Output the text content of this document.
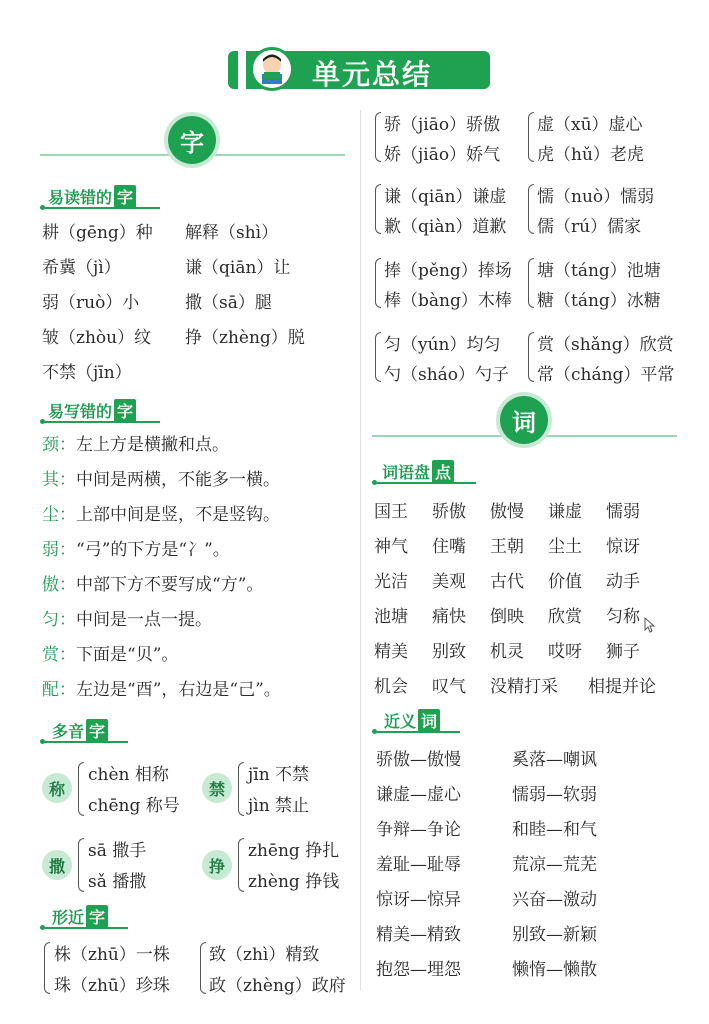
单元总结
字
易读错的 字
耕（gēng）种 解释（shì）
希冀（jì）	谦（qiān）让
弱（ruò）小	撒（sā）腿
皱（zhòu）纹 挣（zhèng）脱
不禁（jīn）
易写错的 字
颈：左上方是横撇和点。
其：中间是两横，不能多一横。
尘：上部中间是竖，不是竖钩。
弱：“弓”的下方是“冫”。
傲：中部下方不要写成“方”。
匀：中间是一点一提。
赏：下面是“贝”。
配：左边是“酉”，右边是“己”。
多音 字
称
chèn 相称
chēng 称号
禁
jīn 不禁
jìn 禁止
撒
sā 撒手
sǎ 播撒
挣
zhēng 挣扎
zhèng 挣钱
形近 字
株（zhū）一株
珠（zhū）珍珠
致（zhì）精致
政（zhèng）政府
骄（jiāo）骄傲
娇（jiāo）娇气
虚（xū）虚心
虎（hǔ）老虎
谦（qiān）谦虚
歉（qiàn）道歉
懦（nuò）懦弱
儒（rú）儒家
捧（pěng）捧场
棒（bàng）木棒
塘（táng）池塘
糖（táng）冰糖
匀（yún）均匀
勺（sháo）勺子
赏（shǎng）欣赏
常（cháng）平常
词
词语盘 点
国王 骄傲 傲慢 谦虚 懦弱
神气 住嘴 王朝 尘土 惊讶
光洁 美观 古代 价值 动手
池塘 痛快 倒映 欣赏 匀称
精美 别致 机灵 哎呀 狮子
机会 叹气 没精打采 相提并论
近义 词
骄傲—傲慢	奚落—嘲讽
谦虚—虚心	懦弱—软弱
争辩—争论	和睦—和气
羞耻—耻辱	荒凉—荒芜
惊讶—惊异	兴奋—激动
精美—精致	别致—新颖
抱怨—埋怨	懒惰—懒散
